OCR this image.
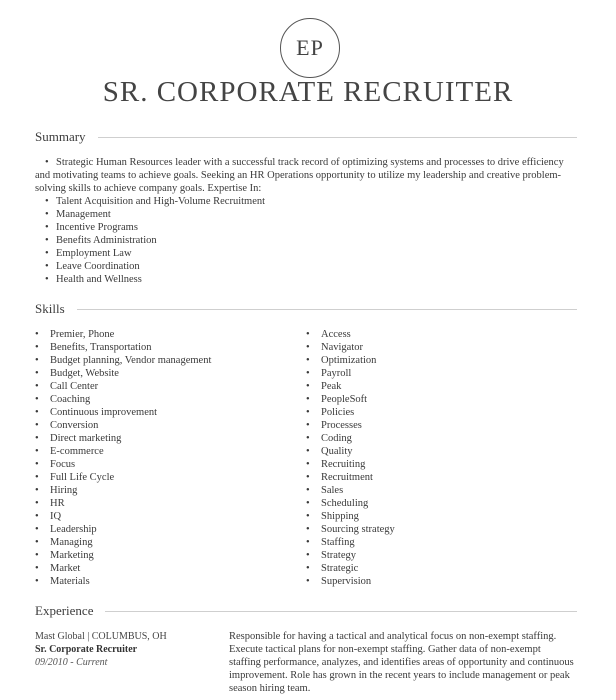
EP
SR. CORPORATE RECRUITER
Summary
• Strategic Human Resources leader with a successful track record of optimizing systems and processes to drive efficiency and motivating teams to achieve goals. Seeking an HR Operations opportunity to utilize my leadership and creative problem-solving skills to achieve company goals. Expertise In:
• Talent Acquisition and High-Volume Recruitment
• Management
• Incentive Programs
• Benefits Administration
• Employment Law
• Leave Coordination
• Health and Wellness
Skills
• Premier, Phone
• Benefits, Transportation
• Budget planning, Vendor management
• Budget, Website
• Call Center
• Coaching
• Continuous improvement
• Conversion
• Direct marketing
• E-commerce
• Focus
• Full Life Cycle
• Hiring
• HR
• IQ
• Leadership
• Managing
• Marketing
• Market
• Materials
• Access
• Navigator
• Optimization
• Payroll
• Peak
• PeopleSoft
• Policies
• Processes
• Coding
• Quality
• Recruiting
• Recruitment
• Sales
• Scheduling
• Shipping
• Sourcing strategy
• Staffing
• Strategy
• Strategic
• Supervision
Experience
Mast Global | COLUMBUS, OH
Sr. Corporate Recruiter
09/2010 - Current
Responsible for having a tactical and analytical focus on non-exempt staffing. Execute tactical plans for non-exempt staffing. Gather data of non-exempt staffing performance, analyzes, and identifies areas of opportunity and continuous improvement. Role has grown in the recent years to include management or peak season hiring team.
